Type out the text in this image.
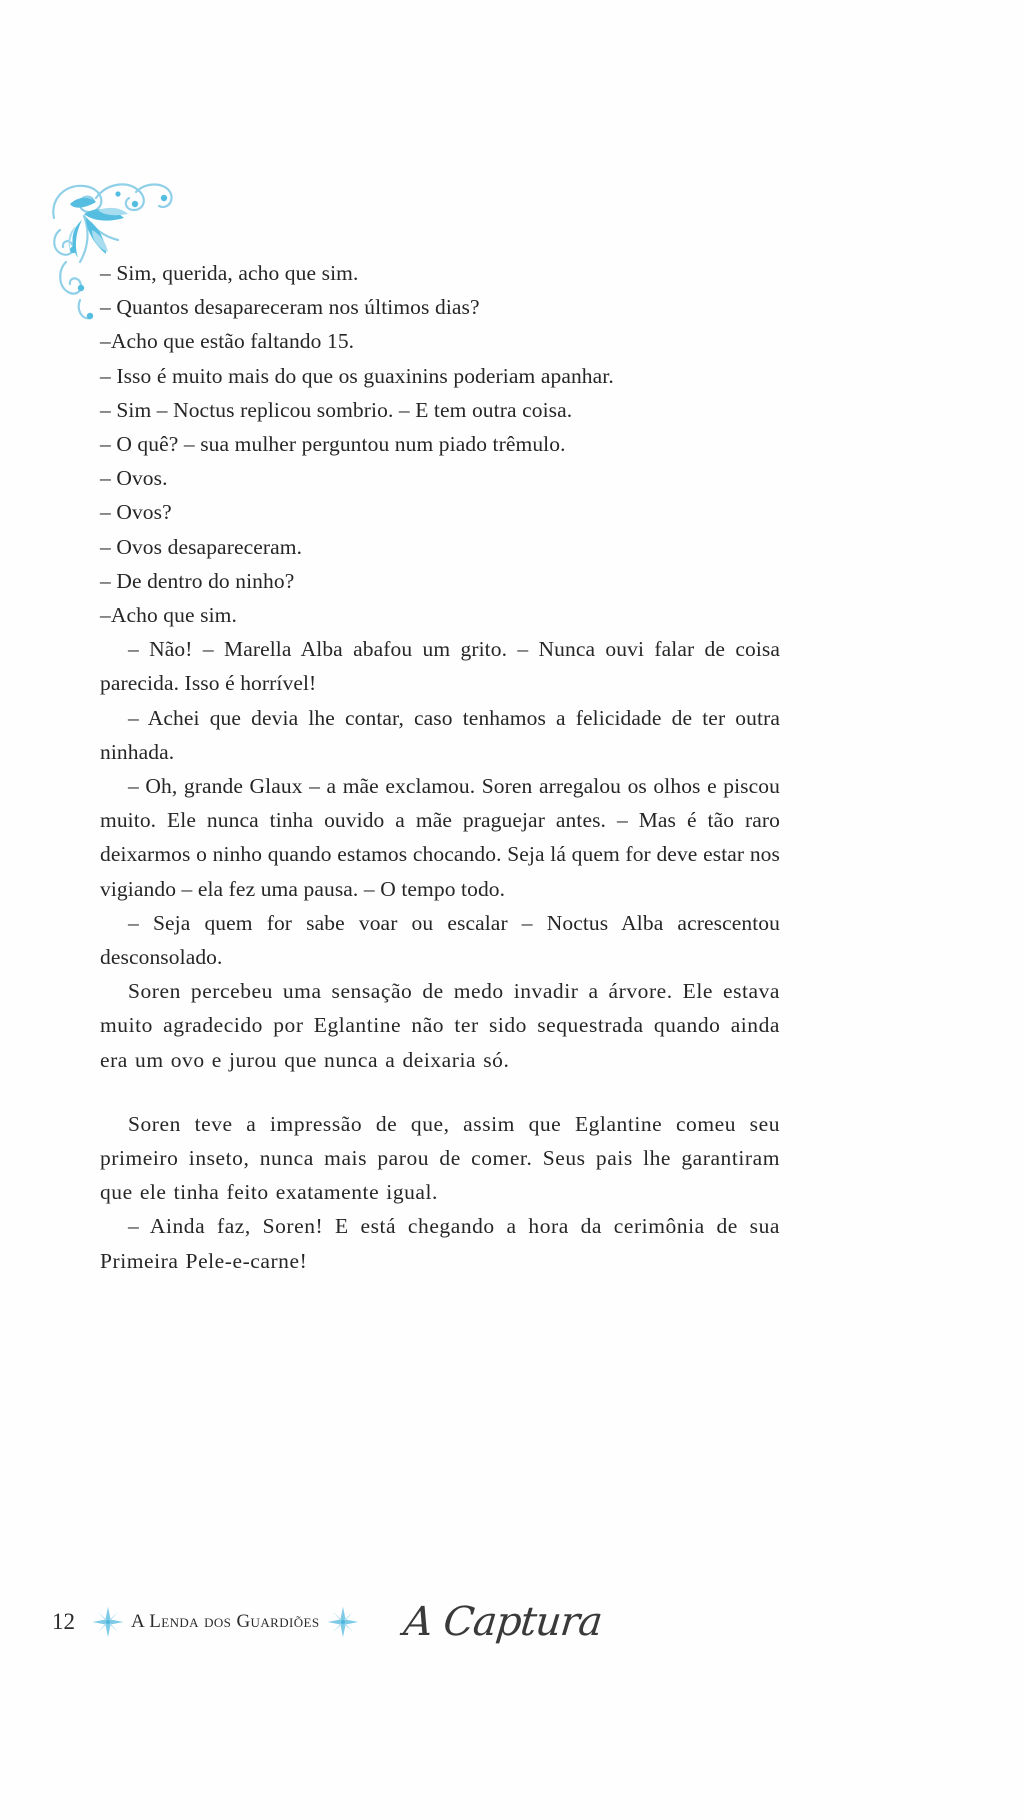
– Sim, querida, acho que sim.
– Quantos desapareceram nos últimos dias?
–Acho que estão faltando 15.
– Isso é muito mais do que os guaxinins poderiam apanhar.
– Sim – Noctus replicou sombrio. – E tem outra coisa.
– O quê? – sua mulher perguntou num piado trêmulo.
– Ovos.
– Ovos?
– Ovos desapareceram.
– De dentro do ninho?
–Acho que sim.

– Não! – Marella Alba abafou um grito. – Nunca ouvi falar de coisa parecida. Isso é horrível!

– Achei que devia lhe contar, caso tenhamos a felicidade de ter outra ninhada.

– Oh, grande Glaux – a mãe exclamou. Soren arregalou os olhos e piscou muito. Ele nunca tinha ouvido a mãe praguejar antes. – Mas é tão raro deixarmos o ninho quando estamos chocando. Seja lá quem for deve estar nos vigiando – ela fez uma pausa. – O tempo todo.

– Seja quem for sabe voar ou escalar – Noctus Alba acrescentou desconsolado.

Soren percebeu uma sensação de medo invadir a árvore. Ele estava muito agradecido por Eglantine não ter sido sequestrada quando ainda era um ovo e jurou que nunca a deixaria só.

Soren teve a impressão de que, assim que Eglantine comeu seu primeiro inseto, nunca mais parou de comer. Seus pais lhe garantiram que ele tinha feito exatamente igual.

– Ainda faz, Soren! E está chegando a hora da cerimônia de sua Primeira Pele-e-carne!

12	A Lenda dos Guardiões A Captura
